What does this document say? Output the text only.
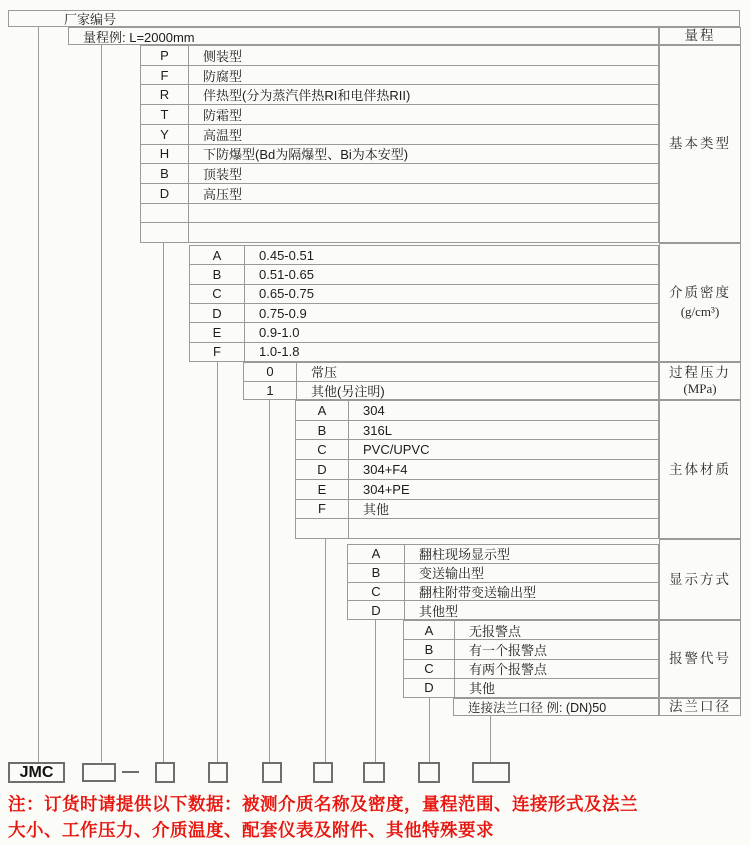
厂家编号
量程例: L=2000mm
P	侧装型
F	防腐型
R	伴热型(分为蒸汽伴热RI和电伴热RII)
T	防霜型
Y	高温型
H	下防爆型(Bd为隔爆型、Bi为本安型)
B	顶装型
D	高压型
A	0.45-0.51
B	0.51-0.65
C	0.65-0.75
D	0.75-0.9
E	0.9-1.0
F	1.0-1.8
0	常压
1	其他(另注明)
A	304
B	316L
C	PVC/UPVC
D	304+F4
E	304+PE
F	其他
A	翻柱现场显示型
B	变送输出型
C	翻柱附带变送输出型
D	其他型
A	无报警点
B	有一个报警点
C	有两个报警点
D	其他
连接法兰口径 例: (DN)50
量程
基本类型
介质密度
(g/cm³)
过程压力
(MPa)
主体材质
显示方式
报警代号
法兰口径
JMC
注：订货时请提供以下数据：被测介质名称及密度，量程范围、连接形式及法兰
大小、工作压力、介质温度、配套仪表及附件、其他特殊要求
